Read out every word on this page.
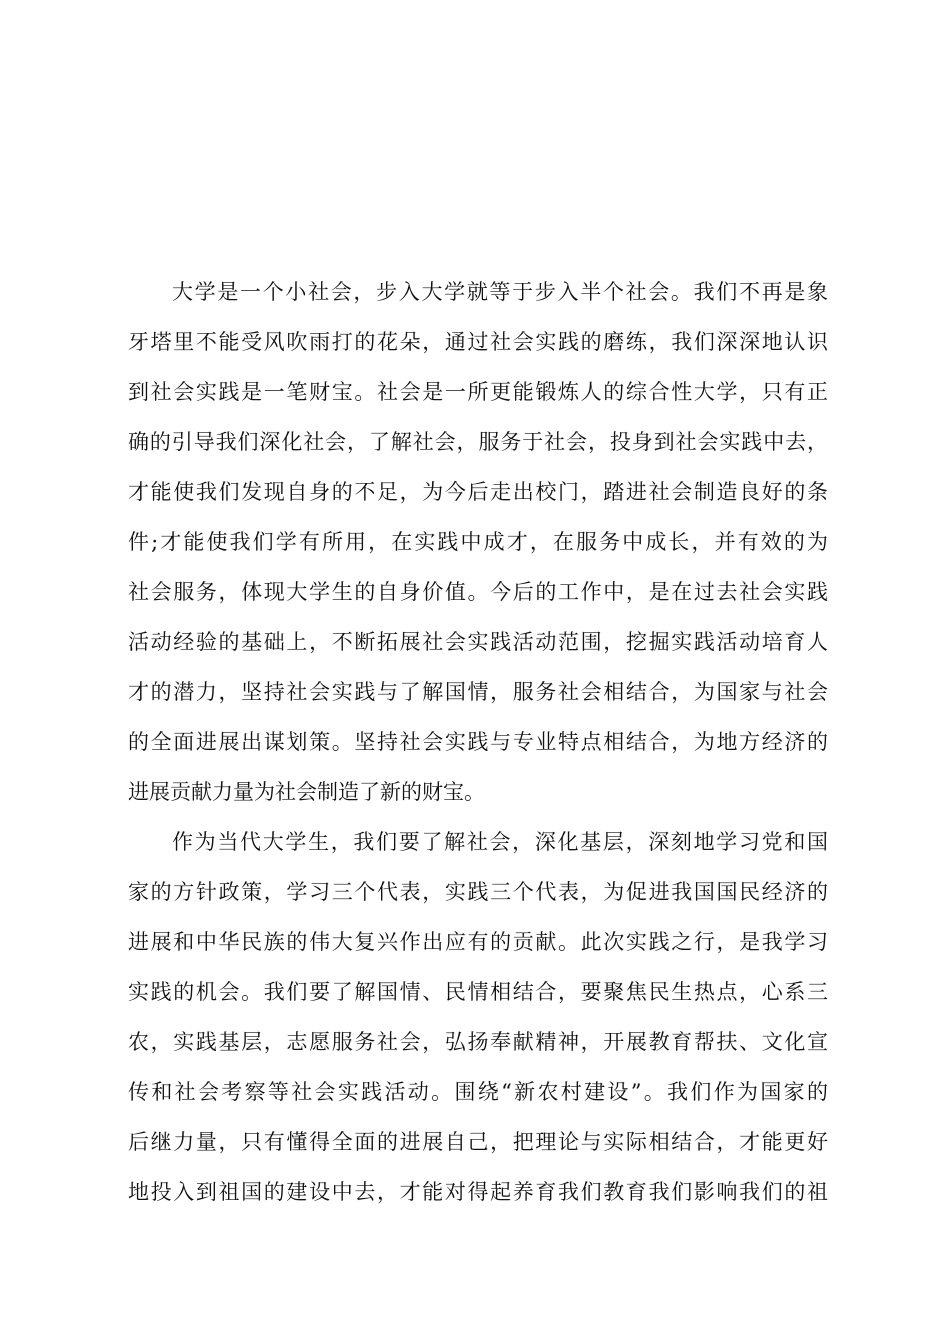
大学是一个小社会，步入大学就等于步入半个社会。我们不再是象
牙塔里不能受风吹雨打的花朵，通过社会实践的磨练，我们深深地认识
到社会实践是一笔财宝。社会是一所更能锻炼人的综合性大学，只有正
确的引导我们深化社会，了解社会，服务于社会，投身到社会实践中去，
才能使我们发现自身的不足，为今后走出校门，踏进社会制造良好的条
件;才能使我们学有所用，在实践中成才，在服务中成长，并有效的为
社会服务，体现大学生的自身价值。今后的工作中，是在过去社会实践
活动经验的基础上，不断拓展社会实践活动范围，挖掘实践活动培育人
才的潜力，坚持社会实践与了解国情，服务社会相结合，为国家与社会
的全面进展出谋划策。坚持社会实践与专业特点相结合，为地方经济的
进展贡献力量为社会制造了新的财宝。
作为当代大学生，我们要了解社会，深化基层，深刻地学习党和国
家的方针政策，学习三个代表，实践三个代表，为促进我国国民经济的
进展和中华民族的伟大复兴作出应有的贡献。此次实践之行，是我学习
实践的机会。我们要了解国情、民情相结合，要聚焦民生热点，心系三
农，实践基层，志愿服务社会，弘扬奉献精神，开展教育帮扶、文化宣
传和社会考察等社会实践活动。围绕“新农村建设”。我们作为国家的
后继力量，只有懂得全面的进展自己，把理论与实际相结合，才能更好
地投入到祖国的建设中去，才能对得起养育我们教育我们影响我们的祖
